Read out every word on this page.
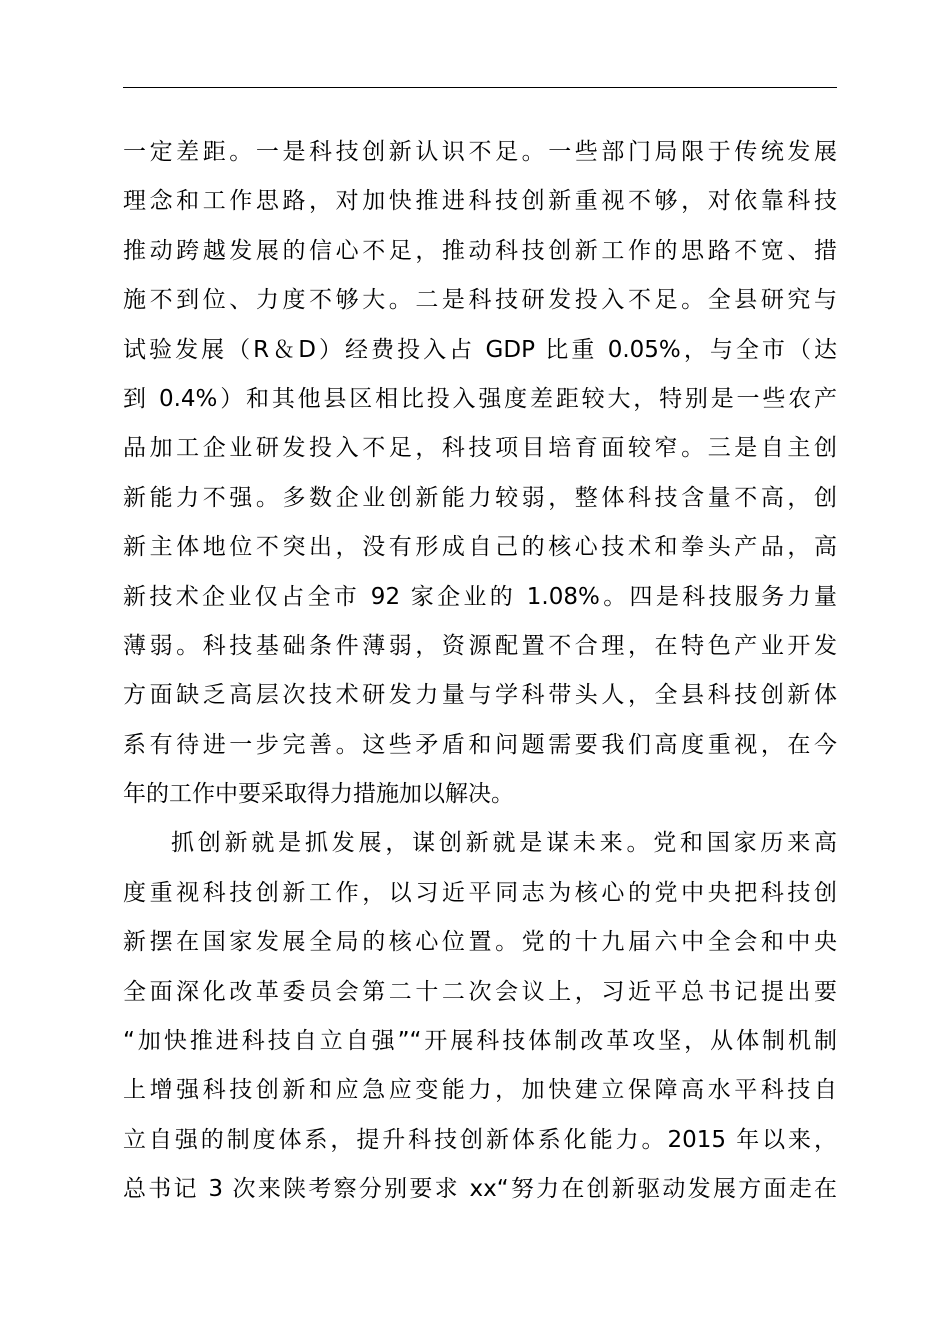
一定差距。一是科技创新认识不足。一些部门局限于传统发展
理念和工作思路，对加快推进科技创新重视不够，对依靠科技
推动跨越发展的信心不足，推动科技创新工作的思路不宽、措
施不到位、力度不够大。二是科技研发投入不足。全县研究与
试验发展（R＆D）经费投入占 GDP 比重 0.05%，与全市（达
到 0.4%）和其他县区相比投入强度差距较大，特别是一些农产
品加工企业研发投入不足，科技项目培育面较窄。三是自主创
新能力不强。多数企业创新能力较弱，整体科技含量不高，创
新主体地位不突出，没有形成自己的核心技术和拳头产品，高
新技术企业仅占全市 92 家企业的 1.08%。四是科技服务力量
薄弱。科技基础条件薄弱，资源配置不合理，在特色产业开发
方面缺乏高层次技术研发力量与学科带头人，全县科技创新体
系有待进一步完善。这些矛盾和问题需要我们高度重视，在今
年的工作中要采取得力措施加以解决。
抓创新就是抓发展，谋创新就是谋未来。党和国家历来高
度重视科技创新工作，以习近平同志为核心的党中央把科技创
新摆在国家发展全局的核心位置。党的十九届六中全会和中央
全面深化改革委员会第二十二次会议上，习近平总书记提出要
“加快推进科技自立自强”“开展科技体制改革攻坚，从体制机制
上增强科技创新和应急应变能力，加快建立保障高水平科技自
立自强的制度体系，提升科技创新体系化能力。2015 年以来，
总书记 3 次来陕考察分别要求 xx“努力在创新驱动发展方面走在
